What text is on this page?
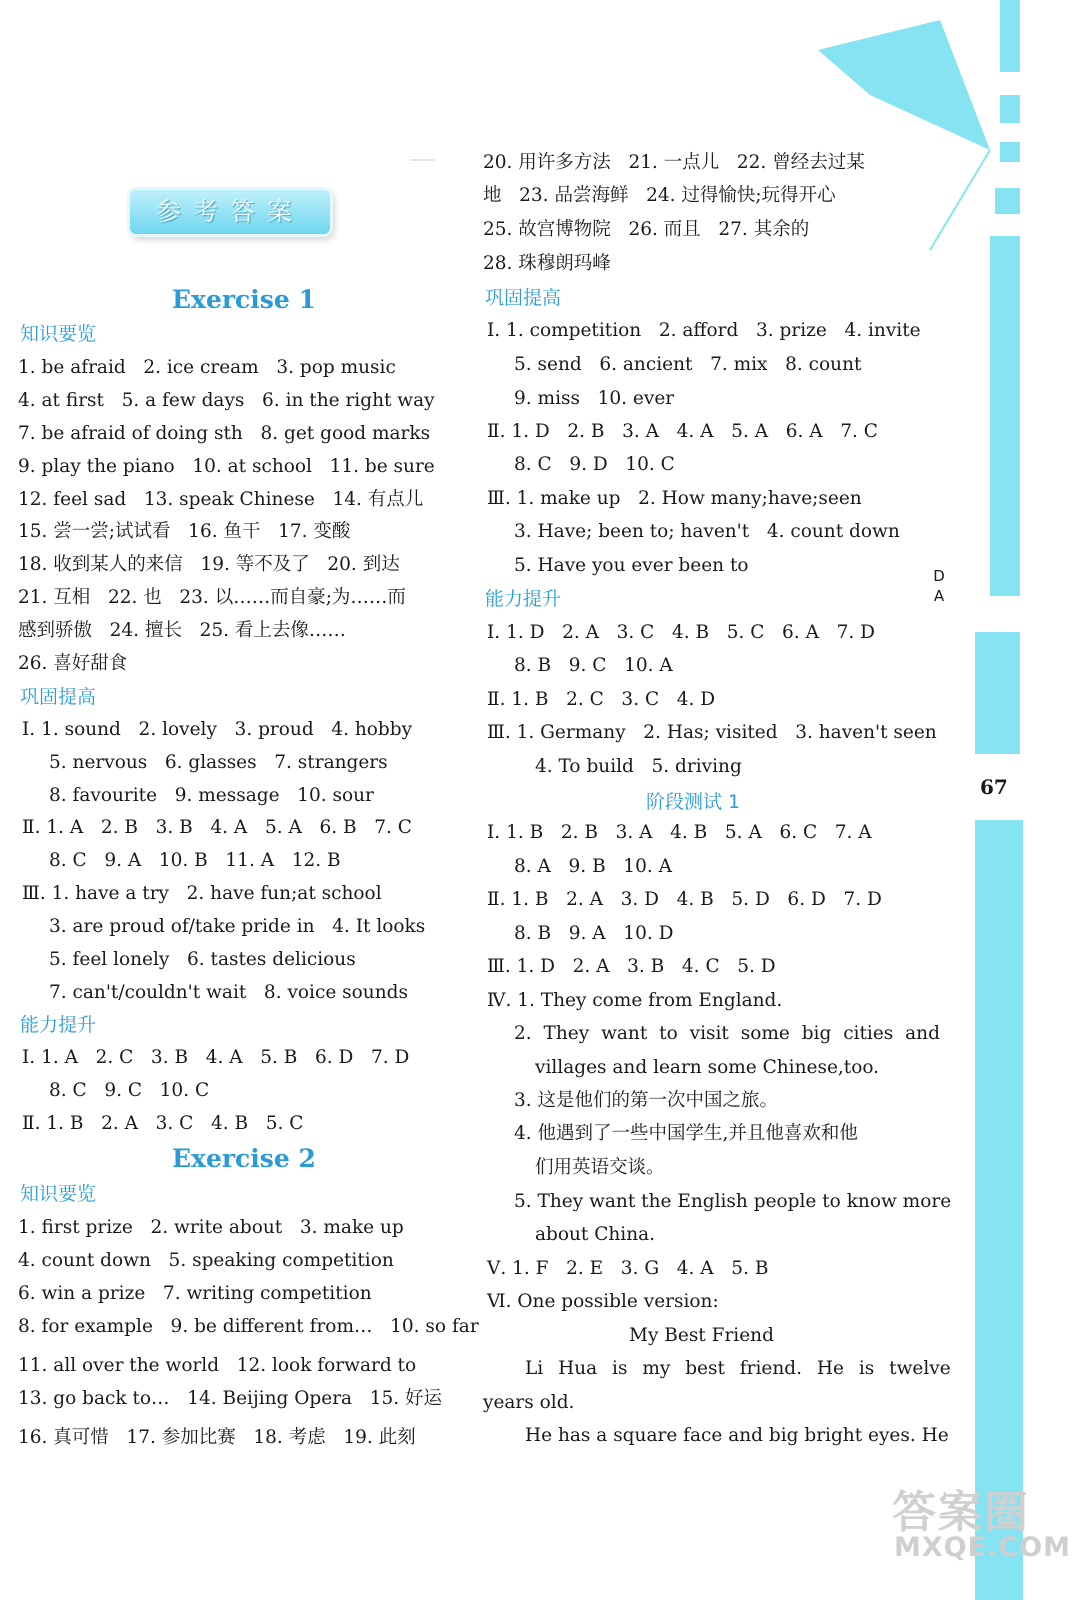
参考答案
Exercise 1
知识要览
1. be afraid   2. ice cream   3. pop music
4. at first   5. a few days   6. in the right way
7. be afraid of doing sth   8. get good marks
9. play the piano   10. at school   11. be sure
12. feel sad   13. speak Chinese   14. 有点儿
15. 尝一尝;试试看   16. 鱼干   17. 变酸
18. 收到某人的来信   19. 等不及了   20. 到达
21. 互相   22. 也   23. 以……而自豪;为……而
感到骄傲   24. 擅长   25. 看上去像……
26. 喜好甜食
巩固提高
Ⅰ. 1. sound   2. lovely   3. proud   4. hobby
5. nervous   6. glasses   7. strangers
8. favourite   9. message   10. sour
Ⅱ. 1. A   2. B   3. B   4. A   5. A   6. B   7. C
8. C   9. A   10. B   11. A   12. B
Ⅲ. 1. have a try   2. have fun;at school
3. are proud of/take pride in   4. It looks
5. feel lonely   6. tastes delicious
7. can't/couldn't wait   8. voice sounds
能力提升
Ⅰ. 1. A   2. C   3. B   4. A   5. B   6. D   7. D
8. C   9. C   10. C
Ⅱ. 1. B   2. A   3. C   4. B   5. C
Exercise 2
知识要览
1. first prize   2. write about   3. make up
4. count down   5. speaking competition
6. win a prize   7. writing competition
8. for example   9. be different from…   10. so far
11. all over the world   12. look forward to
13. go back to…   14. Beijing Opera   15. 好运
16. 真可惜   17. 参加比赛   18. 考虑   19. 此刻
20. 用许多方法   21. 一点儿   22. 曾经去过某
地   23. 品尝海鲜   24. 过得愉快;玩得开心
25. 故宫博物院   26. 而且   27. 其余的
28. 珠穆朗玛峰
巩固提高
Ⅰ. 1. competition   2. afford   3. prize   4. invite
5. send   6. ancient   7. mix   8. count
9. miss   10. ever
Ⅱ. 1. D   2. B   3. A   4. A   5. A   6. A   7. C
8. C   9. D   10. C
Ⅲ. 1. make up   2. How many;have;seen
3. Have; been to; haven't   4. count down
5. Have you ever been to
能力提升
Ⅰ. 1. D   2. A   3. C   4. B   5. C   6. A   7. D
8. B   9. C   10. A
Ⅱ. 1. B   2. C   3. C   4. D
Ⅲ. 1. Germany   2. Has; visited   3. haven't seen
4. To build   5. driving
阶段测试 1
Ⅰ. 1. B   2. B   3. A   4. B   5. A   6. C   7. A
8. A   9. B   10. A
Ⅱ. 1. B   2. A   3. D   4. B   5. D   6. D   7. D
8. B   9. A   10. D
Ⅲ. 1. D   2. A   3. B   4. C   5. D
Ⅳ. 1. They come from England.
2. They want to visit some big cities and
villages and learn some Chinese,too.
3. 这是他们的第一次中国之旅。
4. 他遇到了一些中国学生,并且他喜欢和他
们用英语交谈。
5. They want the English people to know more
about China.
Ⅴ. 1. F   2. E   3. G   4. A   5. B
Ⅵ. One possible version:
My Best Friend
Li Hua is my best friend. He is twelve
years old.
He has a square face and big bright eyes. He
D
A
67
答案圈
MXQE.COM
